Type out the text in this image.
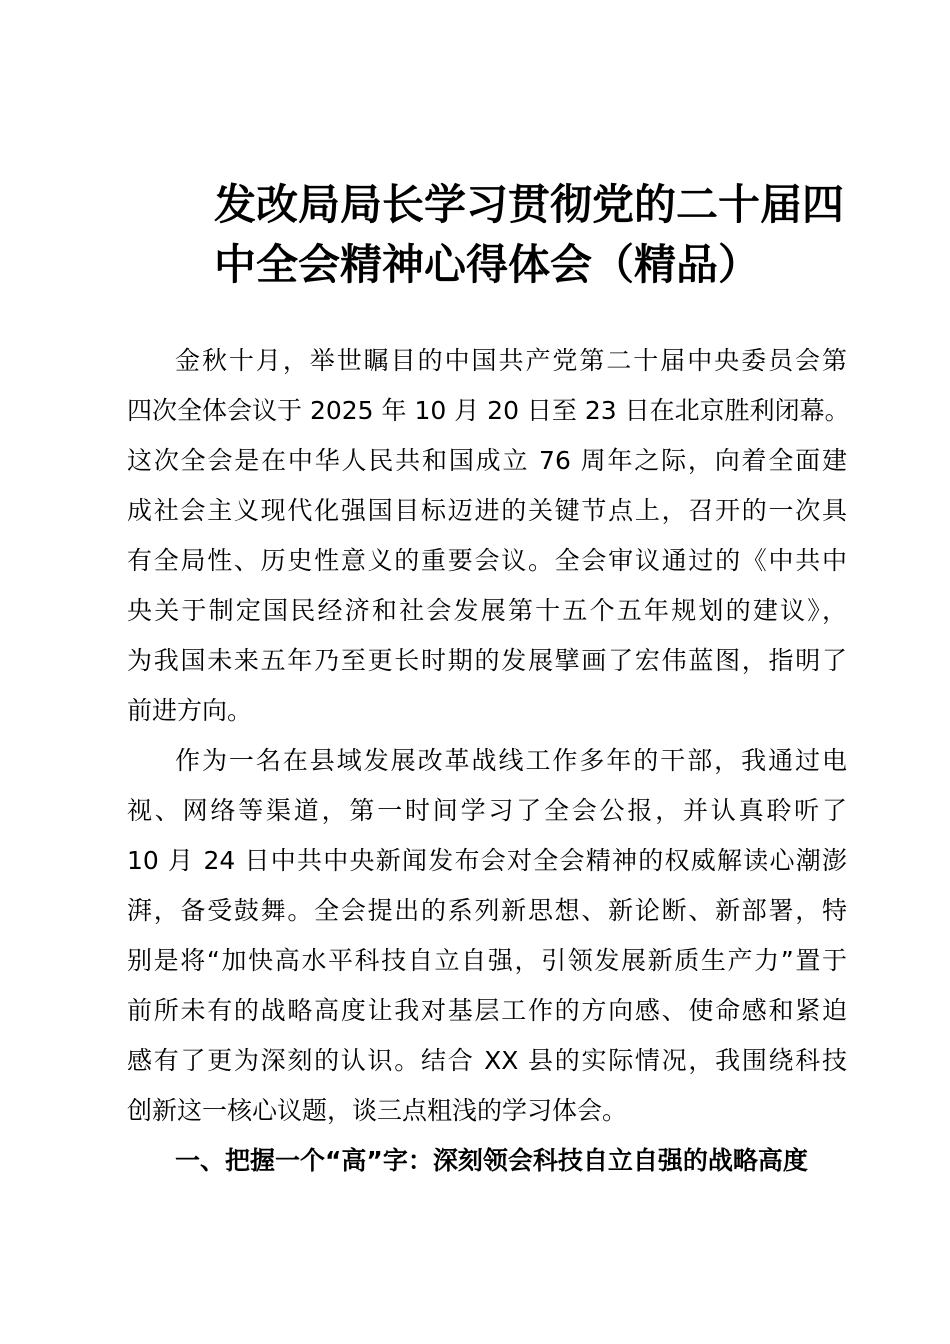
发改局局长学习贯彻党的二十届四
中全会精神心得体会（精品）
金秋十月，举世瞩目的中国共产党第二十届中央委员会第
四次全体会议于 2025 年 10 月 20 日至 23 日在北京胜利闭幕。
这次全会是在中华人民共和国成立 76 周年之际，向着全面建
成社会主义现代化强国目标迈进的关键节点上，召开的一次具
有全局性、历史性意义的重要会议。全会审议通过的《中共中
央关于制定国民经济和社会发展第十五个五年规划的建议》，
为我国未来五年乃至更长时期的发展擘画了宏伟蓝图，指明了
前进方向。
作为一名在县域发展改革战线工作多年的干部，我通过电
视、网络等渠道，第一时间学习了全会公报，并认真聆听了
10 月 24 日中共中央新闻发布会对全会精神的权威解读心潮澎
湃，备受鼓舞。全会提出的系列新思想、新论断、新部署，特
别是将“加快高水平科技自立自强，引领发展新质生产力”置于
前所未有的战略高度让我对基层工作的方向感、使命感和紧迫
感有了更为深刻的认识。结合 XX 县的实际情况，我围绕科技
创新这一核心议题，谈三点粗浅的学习体会。
一、把握一个“高”字：深刻领会科技自立自强的战略高度
